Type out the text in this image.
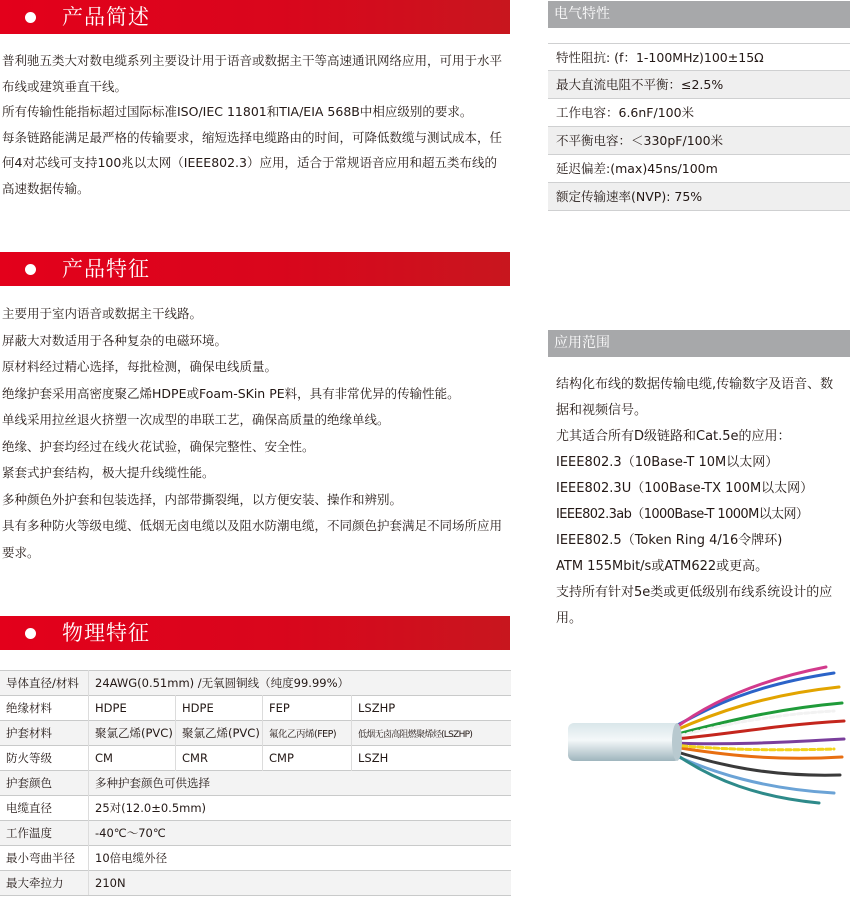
产品简述

普利驰五类大对数电缆系列主要设计用于语音或数据主干等高速通讯网络应用，可用于水平布线或建筑垂直干线。

所有传输性能指标超过国际标准ISO/IEC 11801和TIA/EIA 568B中相应级别的要求。

每条链路能满足最严格的传输要求，缩短选择电缆路由的时间，可降低数缆与测试成本，任何4对芯线可支持100兆以太网（IEEE802.3）应用，适合于常规语音应用和超五类布线的高速数据传输。

产品特征

主要用于室内语音或数据主干线路。

屏蔽大对数适用于各种复杂的电磁环境。

原材料经过精心选择，每批检测，确保电线质量。

绝缘护套采用高密度聚乙烯HDPE或Foam-SKin PE料，具有非常优异的传输性能。

单线采用拉丝退火挤塑一次成型的串联工艺，确保高质量的绝缘单线。

绝缘、护套均经过在线火花试验，确保完整性、安全性。

紧套式护套结构，极大提升线缆性能。

多种颜色外护套和包装选择，内部带撕裂绳，以方便安装、操作和辨别。

具有多种防火等级电缆、低烟无卤电缆以及阻水防潮电缆，不同颜色护套满足不同场所应用要求。

物理特征
导体直径/材料	24AWG(0.51mm) /无氧圆铜线（纯度99.99%）			
绝缘材料	HDPE	HDPE	FEP	LSZHP
护套材料	聚氯乙烯(PVC)	聚氯乙烯(PVC)	氟化乙丙烯(FEP)	低烟无卤高阻燃聚烯烃(LSZHP)
防火等级	CM	CMR	CMP	LSZH
护套颜色	多种护套颜色可供选择			
电缆直径	25对(12.0±0.5mm)			
工作温度	-40℃～70℃			
最小弯曲半径	10倍电缆外径			
最大牵拉力	210N			
电气特性
特性阻抗: (f：1-100MHz)100±15Ω
最大直流电阻不平衡：≤2.5%
工作电容：6.6nF/100米
不平衡电容：＜330pF/100米
延迟偏差:(max)45ns/100m
额定传输速率(NVP): 75%
应用范围

结构化布线的数据传输电缆,传输数字及语音、数据和视频信号。

尤其适合所有D级链路和Cat.5e的应用：

IEEE802.3（10Base-T 10M以太网）

IEEE802.3U（100Base-TX 100M以太网）

IEEE802.3ab（1000Base-T 1000M以太网）

IEEE802.5（Token Ring 4/16令牌环)

ATM 155Mbit/s或ATM622或更高。

支持所有针对5e类或更低级别布线系统设计的应用。
